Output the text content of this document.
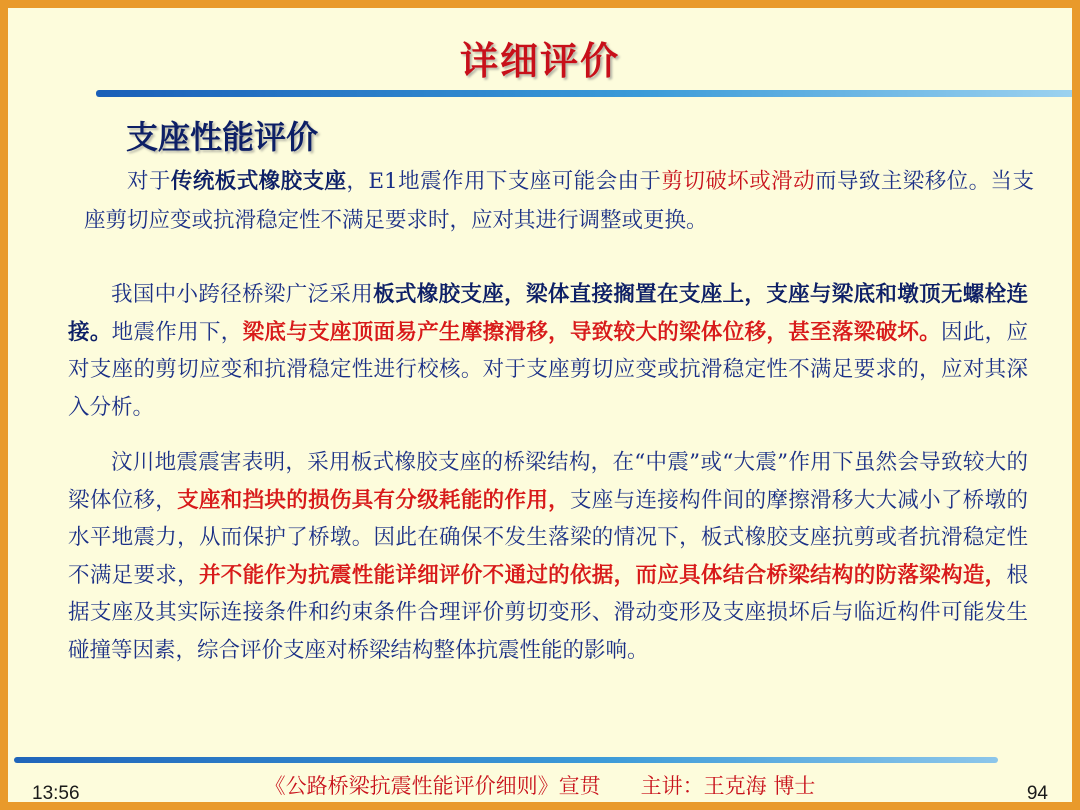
详细评价
支座性能评价

对于传统板式橡胶支座，E1地震作用下支座可能会由于剪切破坏或滑动而导致主梁移位。当支座剪切应变或抗滑稳定性不满足要求时，应对其进行调整或更换。

我国中小跨径桥梁广泛采用板式橡胶支座，梁体直接搁置在支座上，支座与梁底和墩顶无螺栓连接。地震作用下，梁底与支座顶面易产生摩擦滑移，导致较大的梁体位移，甚至落梁破坏。因此，应对支座的剪切应变和抗滑稳定性进行校核。对于支座剪切应变或抗滑稳定性不满足要求的，应对其深入分析。

汶川地震震害表明，采用板式橡胶支座的桥梁结构，在“中震”或“大震”作用下虽然会导致较大的梁体位移，支座和挡块的损伤具有分级耗能的作用，支座与连接构件间的摩擦滑移大大减小了桥墩的水平地震力，从而保护了桥墩。因此在确保不发生落梁的情况下，板式橡胶支座抗剪或者抗滑稳定性不满足要求，并不能作为抗震性能详细评价不通过的依据，而应具体结合桥梁结构的防落梁构造，根据支座及其实际连接条件和约束条件合理评价剪切变形、滑动变形及支座损坏后与临近构件可能发生碰撞等因素，综合评价支座对桥梁结构整体抗震性能的影响。

13:56	《公路桥梁抗震性能评价细则》宣贯      主讲：王克海 博士	94
